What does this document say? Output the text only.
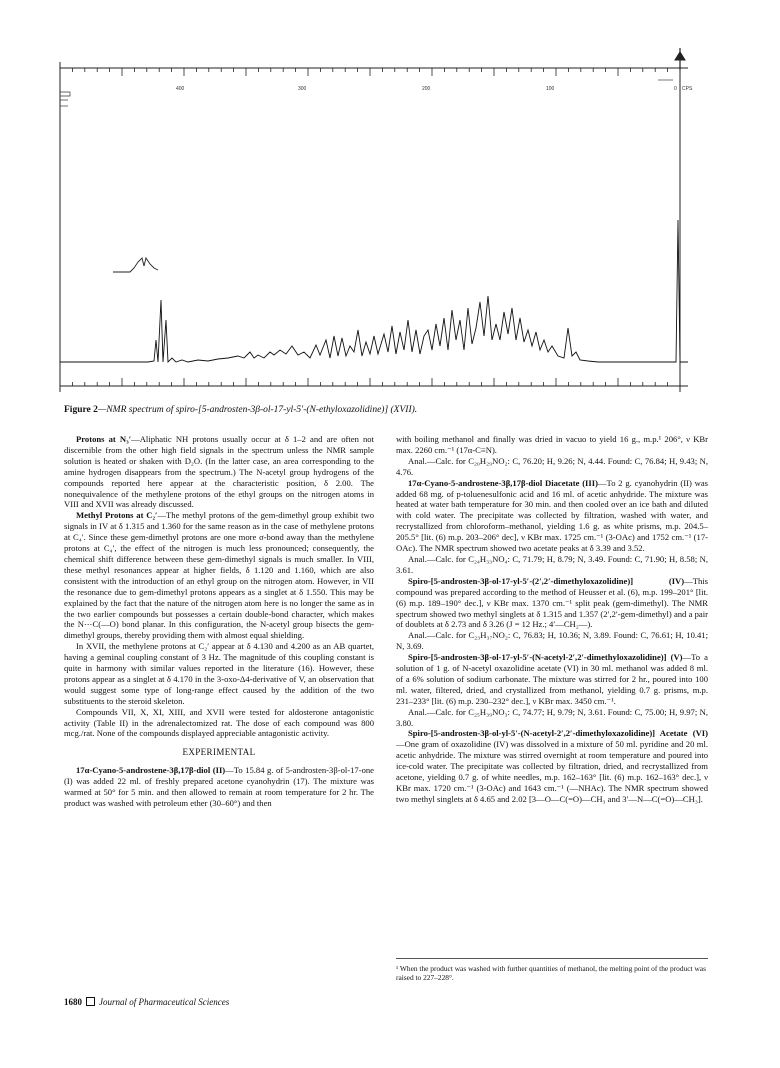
400	300	200	100	0 CPS
Figure 2—NMR spectrum of spiro-[5-androsten-3β-ol-17-yl-5′-(N-ethyloxazolidine)] (XVII).

Protons at N₃′—Aliphatic NH protons usually occur at δ 1–2 and are often not discernible from the other high field signals in the spectrum unless the NMR sample solution is heated or shaken with D₂O. (In the latter case, an area corresponding to the amine hydrogen disappears from the spectrum.) The N-acetyl group hydrogens of the compounds reported here appear at the characteristic position, δ 2.00. The nonequivalence of the methylene protons of the ethyl groups on the nitrogen atoms in VIII and XVII was already discussed.

Methyl Protons at C₂′—The methyl protons of the gem-dimethyl group exhibit two signals in IV at δ 1.315 and 1.360 for the same reason as in the case of methylene protons at C₄′. Since these gem-dimethyl protons are one more σ-bond away than the methylene protons at C₄′, the effect of the nitrogen is much less pronounced; consequently, the chemical shift difference between these gem-dimethyl signals is much smaller. In VIII, these methyl resonances appear at higher fields, δ 1.120 and 1.160, which are also consistent with the introduction of an ethyl group on the nitrogen atom. However, in VII the resonance due to gem-dimethyl protons appears as a singlet at δ 1.550. This may be explained by the fact that the nature of the nitrogen atom here is no longer the same as in the two earlier compounds but possesses a certain double-bond character, which makes the N⋯C(—O) bond planar. In this configuration, the N-acetyl group bisects the gem-dimethyl groups, thereby providing them with almost equal shielding.

In XVII, the methylene protons at C₂′ appear at δ 4.130 and 4.200 as an AB quartet, having a geminal coupling constant of 3 Hz. The magnitude of this coupling constant is quite in harmony with similar values reported in the literature (16). However, these protons appear as a singlet at δ 4.170 in the 3-oxo-Δ4-derivative of V, an observation that would suggest some type of long-range effect caused by the addition of the two substituents to the steroid skeleton.

Compounds VII, X, XI, XIII, and XVII were tested for aldosterone antagonistic activity (Table II) in the adrenalectomized rat. The dose of each compound was 800 mcg./rat. None of the compounds displayed appreciable antagonistic activity.

EXPERIMENTAL

17α-Cyano-5-androstene-3β,17β-diol (II)—To 15.84 g. of 5-androsten-3β-ol-17-one (I) was added 22 ml. of freshly prepared acetone cyanohydrin (17). The mixture was warmed at 50° for 5 min. and then allowed to remain at room temperature for 2 hr. The product was washed with petroleum ether (30–60°) and then

with boiling methanol and finally was dried in vacuo to yield 16 g., m.p.¹ 206°, ν KBr max. 2260 cm.⁻¹ (17α-C≡N).

Anal.—Calc. for C₂₀H₂₉NO₂: C, 76.20; H, 9.26; N, 4.44. Found: C, 76.84; H, 9.43; N, 4.76.

17α-Cyano-5-androstene-3β,17β-diol Diacetate (III)—To 2 g. cyanohydrin (II) was added 68 mg. of p-toluenesulfonic acid and 16 ml. of acetic anhydride. The mixture was heated at water bath temperature for 30 min. and then cooled over an ice bath and diluted with cold water. The precipitate was collected by filtration, washed with water, and recrystallized from chloroform–methanol, yielding 1.6 g. as white prisms, m.p. 204.5–205.5° [lit. (6) m.p. 203–206° dec], ν KBr max. 1725 cm.⁻¹ (3-OAc) and 1752 cm.⁻¹ (17-OAc). The NMR spectrum showed two acetate peaks at δ 3.39 and 3.52.

Anal.—Calc. for C₂₄H₃₃NO₄: C, 71.79; H, 8.79; N, 3.49. Found: C, 71.90; H, 8.58; N, 3.61.

Spiro-[5-androsten-3β-ol-17-yl-5′-(2′,2′-dimethyloxazolidine)] (IV)—This compound was prepared according to the method of Heusser et al. (6), m.p. 199–201° [lit. (6) m.p. 189–190° dec.], ν KBr max. 1370 cm.⁻¹ split peak (gem-dimethyl). The NMR spectrum showed two methyl singlets at δ 1.315 and 1.357 (2′,2′-gem-dimethyl) and a pair of doublets at δ 2.73 and δ 3.26 (J = 12 Hz.; 4′—CH₂—).

Anal.—Calc. for C₂₃H₃₇NO₂: C, 76.83; H, 10.36; N, 3.89. Found: C, 76.61; H, 10.41; N, 3.69.

Spiro-[5-androsten-3β-ol-17-yl-5′-(N-acetyl-2′,2′-dimethyloxazolidine)] (V)—To a solution of 1 g. of N-acetyl oxazolidine acetate (VI) in 30 ml. methanol was added 8 ml. of a 6% solution of sodium carbonate. The mixture was stirred for 2 hr., poured into 100 ml. water, filtered, dried, and crystallized from methanol, yielding 0.7 g. prisms, m.p. 231–233° [lit. (6) m.p. 230–232° dec.], ν KBr max. 3450 cm.⁻¹.

Anal.—Calc. for C₂₅H₃₉NO₃: C, 74.77; H, 9.79; N, 3.61. Found: C, 75.00; H, 9.97; N, 3.80.

Spiro-[5-androsten-3β-ol-yl-5′-(N-acetyl-2′,2′-dimethyloxazolidine)] Acetate (VI)—One gram of oxazolidine (IV) was dissolved in a mixture of 50 ml. pyridine and 20 ml. acetic anhydride. The mixture was stirred overnight at room temperature and poured into ice-cold water. The precipitate was collected by filtration, dried, and recrystallized from acetone, yielding 0.7 g. of white needles, m.p. 162–163° [lit. (6) m.p. 162–163° dec.], ν KBr max. 1720 cm.⁻¹ (3-OAc) and 1643 cm.⁻¹ (—NHAc). The NMR spectrum showed two methyl singlets at δ 4.65 and 2.02 [3—O—C(=O)—CH₃ and 3′—N—C(=O)—CH₃].

¹ When the product was washed with further quantities of methanol, the melting point of the product was raised to 227–228°.
1680 Journal of Pharmaceutical Sciences
